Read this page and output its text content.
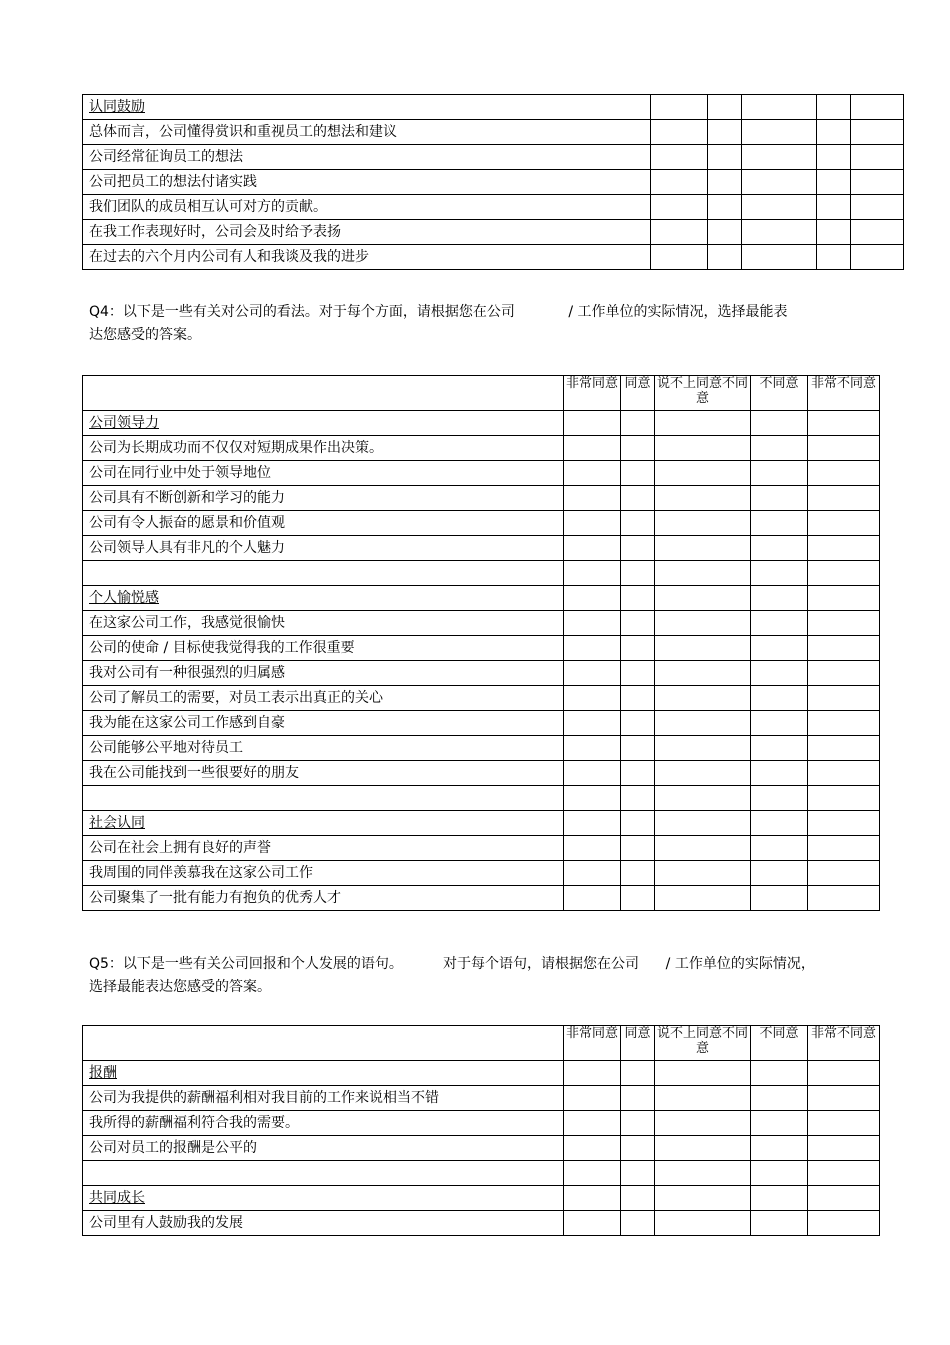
认同鼓励					
总体而言，公司懂得赏识和重视员工的想法和建议					
公司经常征询员工的想法					
公司把员工的想法付诸实践					
我们团队的成员相互认可对方的贡献。					
在我工作表现好时，公司会及时给予表扬					
在过去的六个月内公司有人和我谈及我的进步					
Q4：以下是一些有关对公司的看法。对于每个方面，请根据您在公司            / 工作单位的实际情况，选择最能表
达您感受的答案。
	非常同意	同意	说不上同意不同意	不同意	非常不同意
公司领导力					
公司为长期成功而不仅仅对短期成果作出决策。					
公司在同行业中处于领导地位					
公司具有不断创新和学习的能力					
公司有令人振奋的愿景和价值观					
公司领导人具有非凡的个人魅力					

个人愉悦感					
在这家公司工作，我感觉很愉快					
公司的使命 / 目标使我觉得我的工作很重要					
我对公司有一种很强烈的归属感					
公司了解员工的需要，对员工表示出真正的关心					
我为能在这家公司工作感到自豪					
公司能够公平地对待员工					
我在公司能找到一些很要好的朋友					

社会认同					
公司在社会上拥有良好的声誉					
我周围的同伴羡慕我在这家公司工作					
公司聚集了一批有能力有抱负的优秀人才					
Q5：以下是一些有关公司回报和个人发展的语句。         对于每个语句，请根据您在公司      / 工作单位的实际情况，
选择最能表达您感受的答案。
	非常同意	同意	说不上同意不同意	不同意	非常不同意
报酬					
公司为我提供的薪酬福利相对我目前的工作来说相当不错					
我所得的薪酬福利符合我的需要。					
公司对员工的报酬是公平的					

共同成长					
公司里有人鼓励我的发展					
